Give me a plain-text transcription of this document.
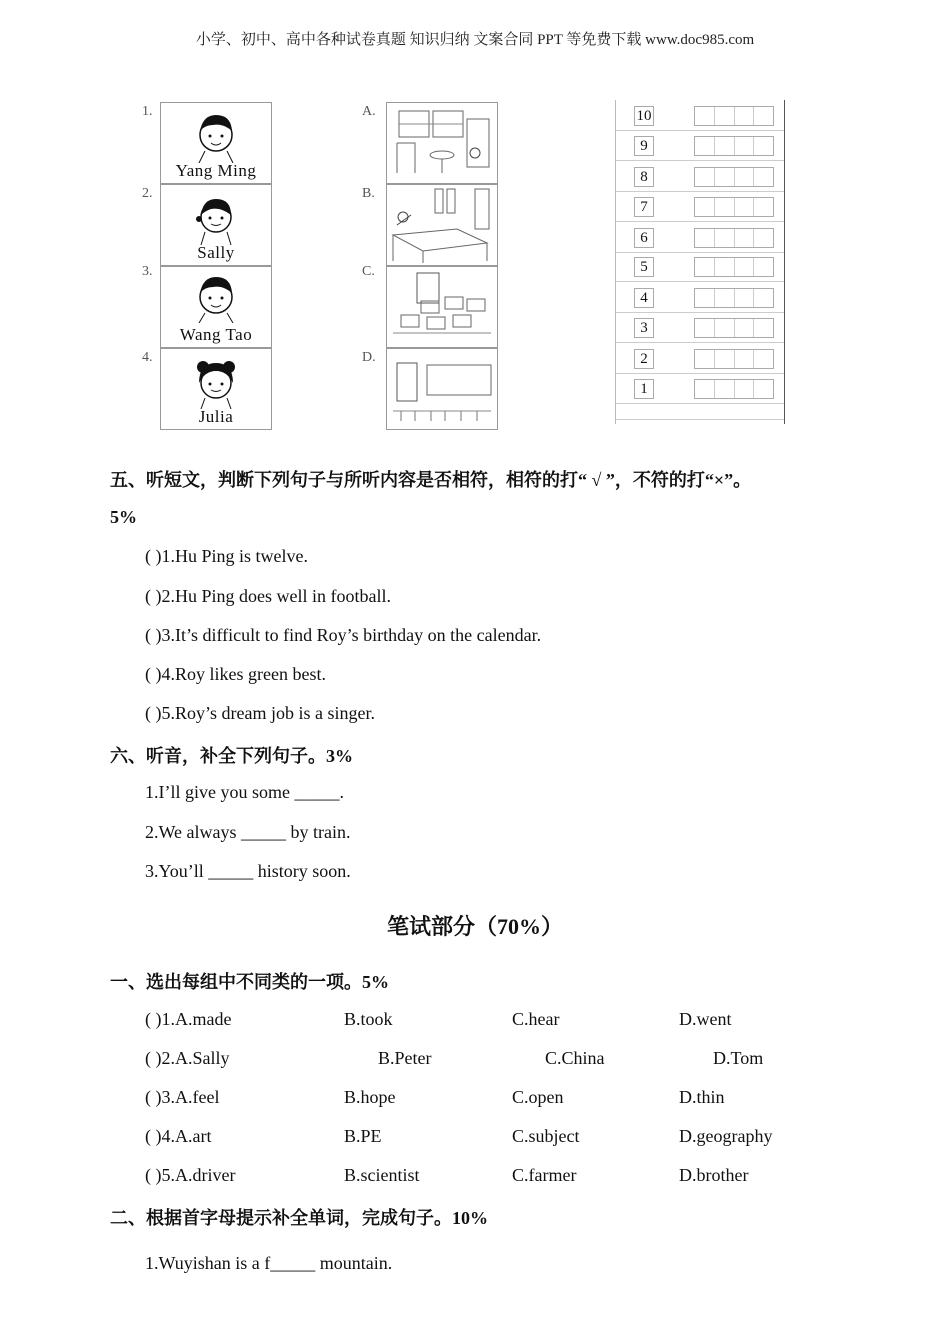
小学、初中、高中各种试卷真题 知识归纳 文案合同 PPT 等免费下载 www.doc985.com
1.
Yang Ming
2.
Sally
3.
Wang Tao
4.
Julia
A.
B.
C.
D.
10
9
8
7
6
5
4
3
2
1
五、听短文，判断下列句子与所听内容是否相符，相符的打“ √ ”，不符的打“×”。
5%
( )1.Hu Ping is twelve.
( )2.Hu Ping does well in football.
( )3.It’s difficult to find Roy’s birthday on the calendar.
( )4.Roy likes green best.
( )5.Roy’s dream job is a singer.
六、听音，补全下列句子。3%
1.I’ll give you some _____.
2.We always _____ by train.
3.You’ll _____ history soon.
笔试部分（70%）
一、选出每组中不同类的一项。5%
( )1.A.made	B.took	C.hear	D.went
( )2.A.Sally	B.Peter	C.China	D.Tom
( )3.A.feel	B.hope	C.open	D.thin
( )4.A.art	B.PE	C.subject	D.geography
( )5.A.driver	B.scientist	C.farmer	D.brother
二、根据首字母提示补全单词，完成句子。10%
1.Wuyishan is a f_____ mountain.
